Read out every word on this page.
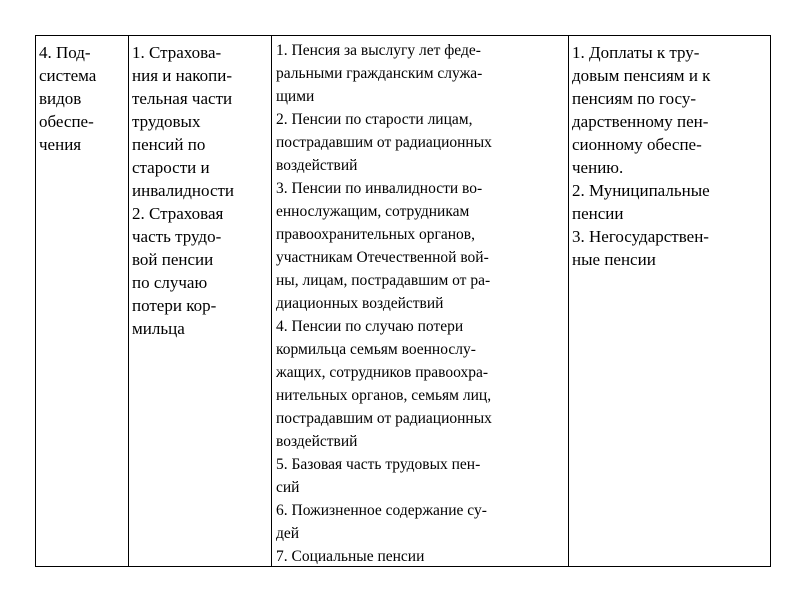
4. Под-
система
видов
обеспе-
чения
1. Страхова-
ния и накопи-
тельная части
трудовых
пенсий по
старости и
инвалидности
2. Страховая
часть трудо-
вой пенсии
по случаю
потери кор-
мильца
1. Пенсия за выслугу лет феде-
ральными гражданским служа-
щими
2. Пенсии по старости лицам,
пострадавшим от радиационных
воздействий
3. Пенсии по инвалидности во-
еннослужащим, сотрудникам
правоохранительных органов,
участникам Отечественной вой-
ны, лицам, пострадавшим от ра-
диационных воздействий
4. Пенсии по случаю потери
кормильца семьям военнослу-
жащих, сотрудников правоохра-
нительных органов, семьям лиц,
пострадавшим от радиационных
воздействий
5. Базовая часть трудовых пен-
сий
6. Пожизненное содержание су-
дей
7. Социальные пенсии
1. Доплаты к тру-
довым пенсиям и к
пенсиям по госу-
дарственному пен-
сионному обеспе-
чению.
2. Муниципальные
пенсии
3. Негосударствен-
ные пенсии
